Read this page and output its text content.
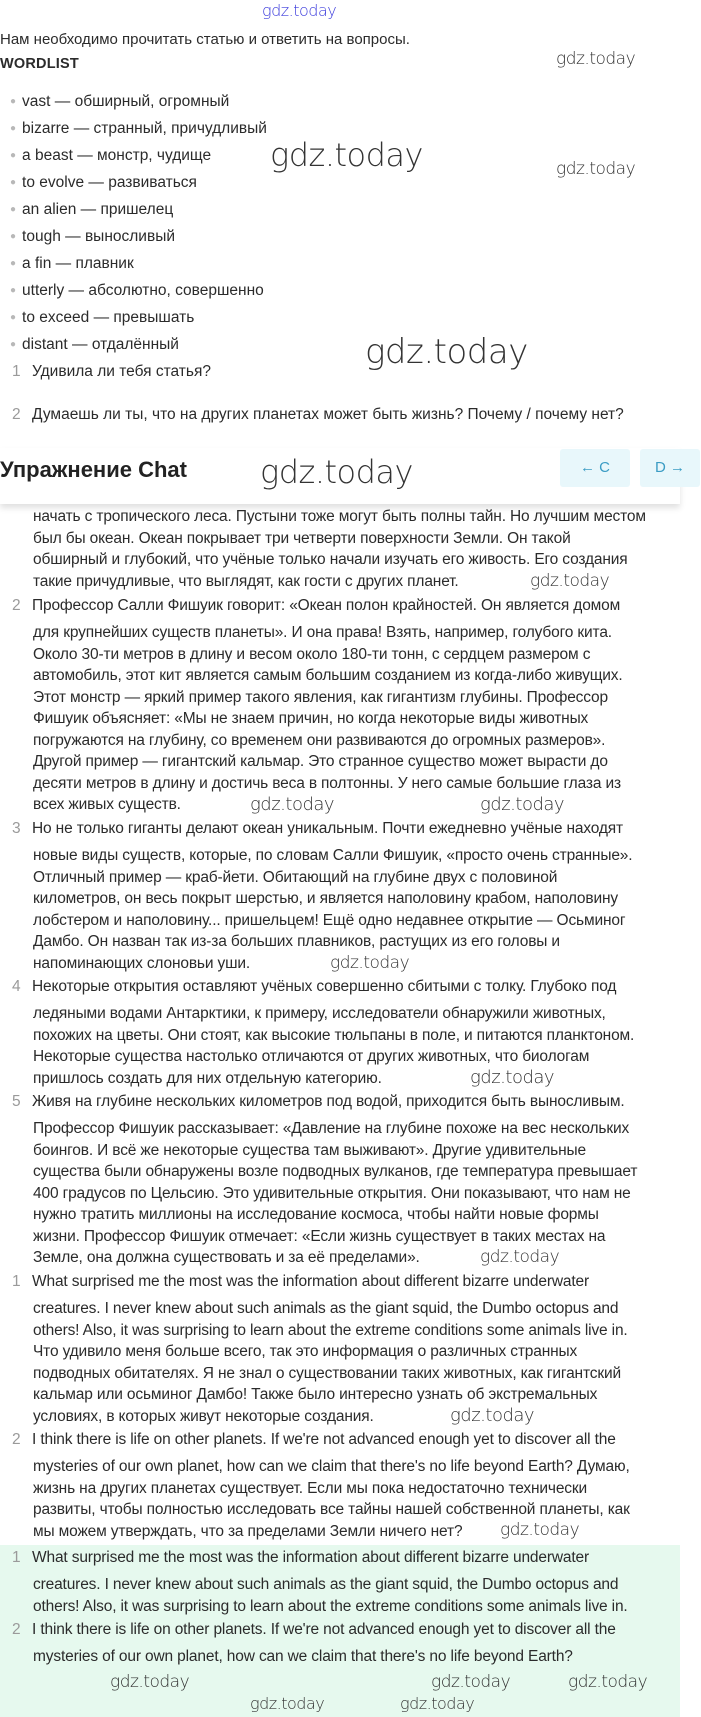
Нам необходимо прочитать статью и ответить на вопросы.
WORDLIST
● vast — обширный, огромный
● bizarre — странный, причудливый
● a beast — монстр, чудище
● to evolve — развиваться
● an alien — пришелец
● tough — выносливый
● a fin — плавник
● utterly — абсолютно, совершенно
● to exceed — превышать
● distant — отдалённый
1 Удивила ли тебя статья?
2 Думаешь ли ты, что на других планетах может быть жизнь? Почему / почему нет?
Упражнение Chat	← C	D →
начать с тропического леса. Пустыни тоже могут быть полны тайн. Но лучшим местом
был бы океан. Океан покрывает три четверти поверхности Земли. Он такой
обширный и глубокий, что учёные только начали изучать его живость. Его создания
такие причудливые, что выглядят, как гости с других планет.
2 Профессор Салли Фишуик говорит: «Океан полон крайностей. Он является домом
для крупнейших существ планеты». И она права! Взять, например, голубого кита.
Около 30-ти метров в длину и весом около 180-ти тонн, с сердцем размером с
автомобиль, этот кит является самым большим созданием из когда-либо живущих.
Этот монстр — яркий пример такого явления, как гигантизм глубины. Профессор
Фишуик объясняет: «Мы не знаем причин, но когда некоторые виды животных
погружаются на глубину, со временем они развиваются до огромных размеров».
Другой пример — гигантский кальмар. Это странное существо может вырасти до
десяти метров в длину и достичь веса в полтонны. У него самые большие глаза из
всех живых существ.
3 Но не только гиганты делают океан уникальным. Почти ежедневно учёные находят
новые виды существ, которые, по словам Салли Фишуик, «просто очень странные».
Отличный пример — краб-йети. Обитающий на глубине двух с половиной
километров, он весь покрыт шерстью, и является наполовину крабом, наполовину
лобстером и наполовину... пришельцем! Ещё одно недавнее открытие — Осьминог
Дамбо. Он назван так из-за больших плавников, растущих из его головы и
напоминающих слоновьи уши.
4 Некоторые открытия оставляют учёных совершенно сбитыми с толку. Глубоко под
ледяными водами Антарктики, к примеру, исследователи обнаружили животных,
похожих на цветы. Они стоят, как высокие тюльпаны в поле, и питаются планктоном.
Некоторые существа настолько отличаются от других животных, что биологам
пришлось создать для них отдельную категорию.
5 Живя на глубине нескольких километров под водой, приходится быть выносливым.
Профессор Фишуик рассказывает: «Давление на глубине похоже на вес нескольких
боингов. И всё же некоторые существа там выживают». Другие удивительные
существа были обнаружены возле подводных вулканов, где температура превышает
400 градусов по Цельсию. Это удивительные открытия. Они показывают, что нам не
нужно тратить миллионы на исследование космоса, чтобы найти новые формы
жизни. Профессор Фишуик отмечает: «Если жизнь существует в таких местах на
Земле, она должна существовать и за её пределами».
1 What surprised me the most was the information about different bizarre underwater
creatures. I never knew about such animals as the giant squid, the Dumbo octopus and
others! Also, it was surprising to learn about the extreme conditions some animals live in.
Что удивило меня больше всего, так это информация о различных странных
подводных обитателях. Я не знал о существовании таких животных, как гигантский
кальмар или осьминог Дамбо! Также было интересно узнать об экстремальных
условиях, в которых живут некоторые создания.
2 I think there is life on other planets. If we're not advanced enough yet to discover all the
mysteries of our own planet, how can we claim that there's no life beyond Earth? Думаю,
жизнь на других планетах существует. Если мы пока недостаточно технически
развиты, чтобы полностью исследовать все тайны нашей собственной планеты, как
мы можем утверждать, что за пределами Земли ничего нет?
1 What surprised me the most was the information about different bizarre underwater
creatures. I never knew about such animals as the giant squid, the Dumbo octopus and
others! Also, it was surprising to learn about the extreme conditions some animals live in.
2 I think there is life on other planets. If we're not advanced enough yet to discover all the
mysteries of our own planet, how can we claim that there's no life beyond Earth?
gdz.today
gdz.today
gdz.today	gdz.today
gdz.today
gdz.today
gdz.today
gdz.today	gdz.today
gdz.today
gdz.today
gdz.today
gdz.today
gdz.today
gdz.today	gdz.today	gdz.today
gdz.today	gdz.today
